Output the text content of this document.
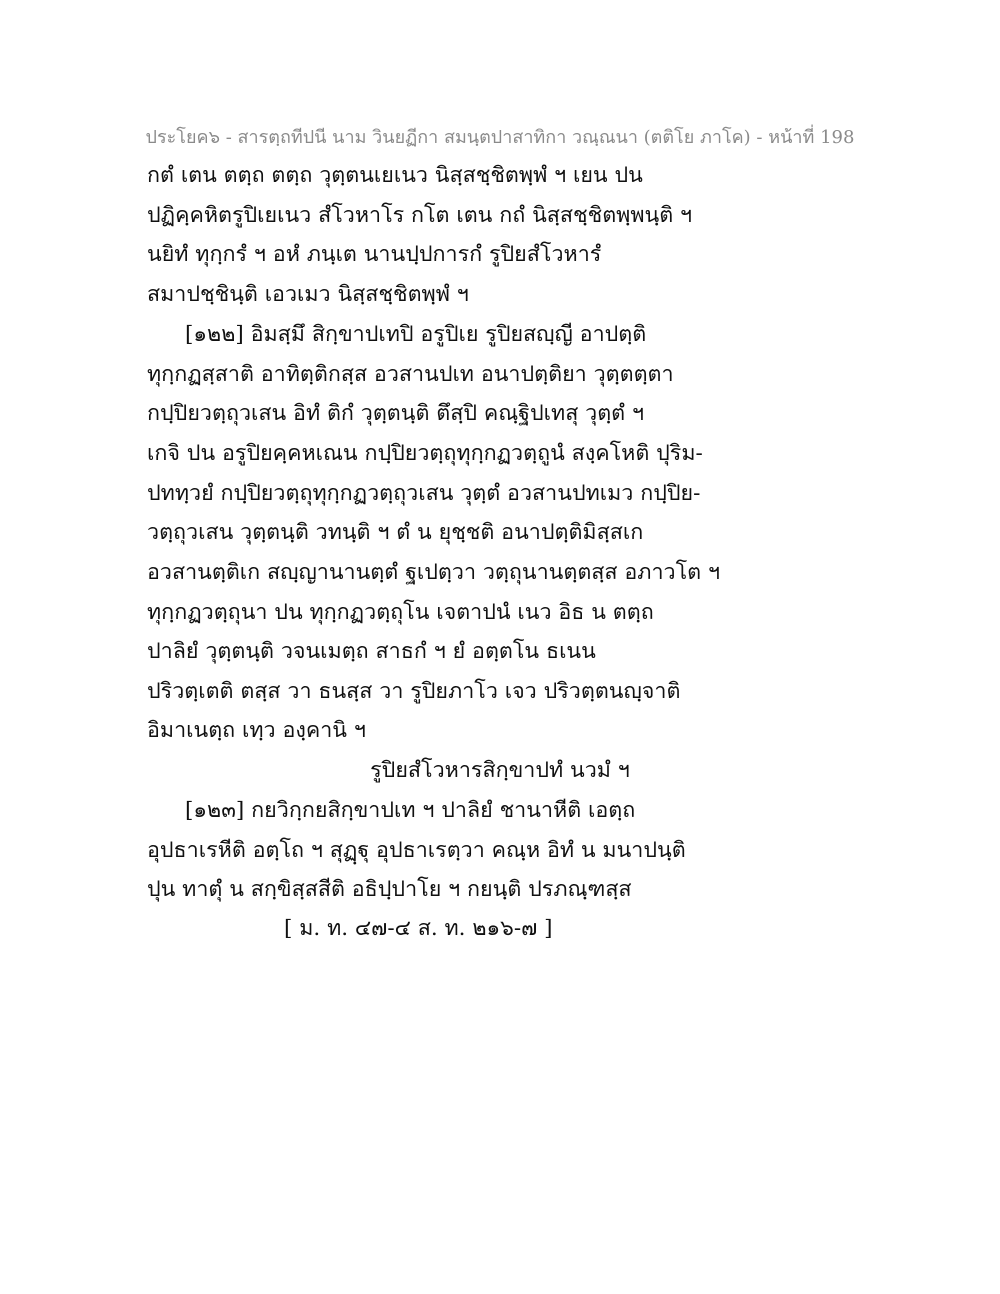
ประโยค๖ - สารตฺถทีปนี นาม วินยฏีกา สมนฺตปาสาทิกา วณฺณนา (ตติโย ภาโค) - หน้าที่ 198
กตํ เตน ตตฺถ ตตฺถ วุตฺตนเยเนว นิสฺสชฺชิตพฺพํ ฯ เยน ปน
ปฏิคฺคหิตรูปิเยเนว สํโวหาโร กโต เตน กถํ นิสฺสชฺชิตพฺพนฺติ ฯ
นยิทํ ทุกฺกรํ ฯ อหํ ภนฺเต นานปฺปการกํ รูปิยสํโวหารํ
สมาปชฺชินฺติ เอวเมว นิสฺสชฺชิตพฺพํ ฯ
[๑๒๒] อิมสฺมึ สิกฺขาปเทปิ อรูปิเย รูปิยสญฺญี อาปตฺติ
ทุกฺกฏสฺสาติ อาทิตฺติกสฺส อวสานปเท อนาปตฺติยา วุตฺตตฺตา
กปฺปิยวตฺถุวเสน อิทํ ติกํ วุตฺตนฺติ ตึสฺปิ คณฺฐิปเทสุ วุตฺตํ ฯ
เกจิ ปน อรูปิยคฺคหเณน กปฺปิยวตฺถุทุกฺกฏวตฺถูนํ สงฺคโหติ ปุริม-
ปททฺวยํ กปฺปิยวตฺถุทุกฺกฏวตฺถุวเสน วุตฺตํ อวสานปทเมว กปฺปิย-
วตฺถุวเสน วุตฺตนฺติ วทนฺติ ฯ ตํ น ยุชฺชติ อนาปตฺติมิสฺสเก
อวสานตฺติเก สญฺญานานตฺตํ ฐเปตฺวา วตฺถุนานตฺตสฺส อภาวโต ฯ
ทุกฺกฏวตฺถุนา ปน ทุกฺกฏวตฺถุโน เจตาปนํ เนว อิธ น ตตฺถ
ปาลิยํ วุตฺตนฺติ วจนเมตฺถ สาธกํ ฯ ยํ อตฺตโน ธเนน
ปริวตฺเตติ ตสฺส วา ธนสฺส วา รูปิยภาโว เจว ปริวตฺตนญฺจาติ
อิมาเนตฺถ เทฺว องฺคานิ ฯ
รูปิยสํโวหารสิกฺขาปทํ นวมํ ฯ
[๑๒๓] กยวิกฺกยสิกฺขาปเท ฯ ปาลิยํ ชานาหีติ เอตฺถ
อุปธาเรหีติ อตฺโถ ฯ สุฏฺฐุ อุปธาเรตฺวา คณฺห อิทํ น มนาปนฺติ
ปุน ทาตุํ น สกฺขิสฺสสีติ อธิปฺปาโย ฯ กยนฺติ ปรภณฺฑสฺส
[ ม. ท. ๔๗-๔ ส. ท. ๒๑๖-๗ ]
